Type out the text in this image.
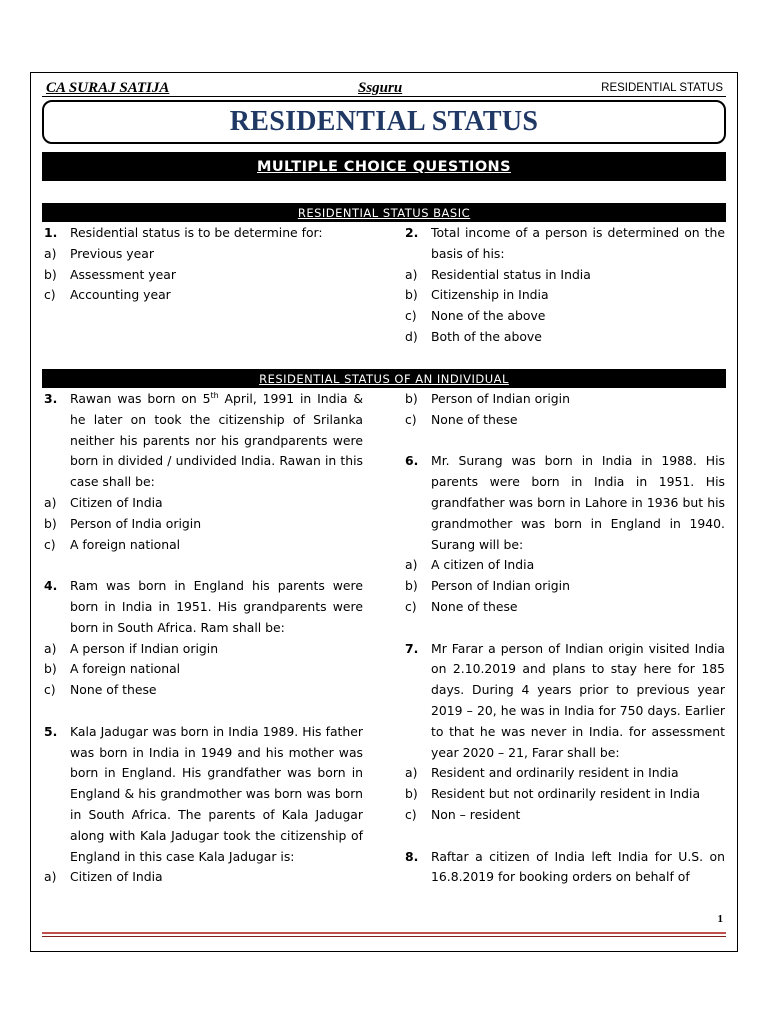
CA SURAJ SATIJA	Ssguru	RESIDENTIAL STATUS
RESIDENTIAL STATUS
MULTIPLE CHOICE QUESTIONS
RESIDENTIAL STATUS BASIC
1.	Residential status is to be determine for:
a)	Previous year
b)	Assessment year
c)	Accounting year
2.	Total income of a person is determined on the basis of his:
a)	Residential status in India
b)	Citizenship in India
c)	None of the above
d)	Both of the above
RESIDENTIAL STATUS OF AN INDIVIDUAL
3.	Rawan was born on 5th April, 1991 in India & he later on took the citizenship of Srilanka neither his parents nor his grandparents were born in divided / undivided India. Rawan in this case shall be:
a)	Citizen of India
b)	Person of India origin
c)	A foreign national
4.	Ram was born in England his parents were born in India in 1951. His grandparents were born in South Africa. Ram shall be:
a)	A person if Indian origin
b)	A foreign national
c)	None of these
5.	Kala Jadugar was born in India 1989. His father was born in India in 1949 and his mother was born in England. His grandfather was born in England & his grandmother was born was born in South Africa. The parents of Kala Jadugar along with Kala Jadugar took the citizenship of England in this case Kala Jadugar is:
a)	Citizen of India
b)	Person of Indian origin
c)	None of these
6.	Mr. Surang was born in India in 1988. His parents were born in India in 1951. His grandfather was born in Lahore in 1936 but his grandmother was born in England in 1940. Surang will be:
a)	A citizen of India
b)	Person of Indian origin
c)	None of these
7.	Mr Farar a person of Indian origin visited India on 2.10.2019 and plans to stay here for 185 days. During 4 years prior to previous year 2019 – 20, he was in India for 750 days. Earlier to that he was never in India. for assessment year 2020 – 21, Farar shall be:
a)	Resident and ordinarily resident in India
b)	Resident but not ordinarily resident in India
c)	Non – resident
8.	Raftar a citizen of India left India for U.S. on 16.8.2019 for booking orders on behalf of
1
